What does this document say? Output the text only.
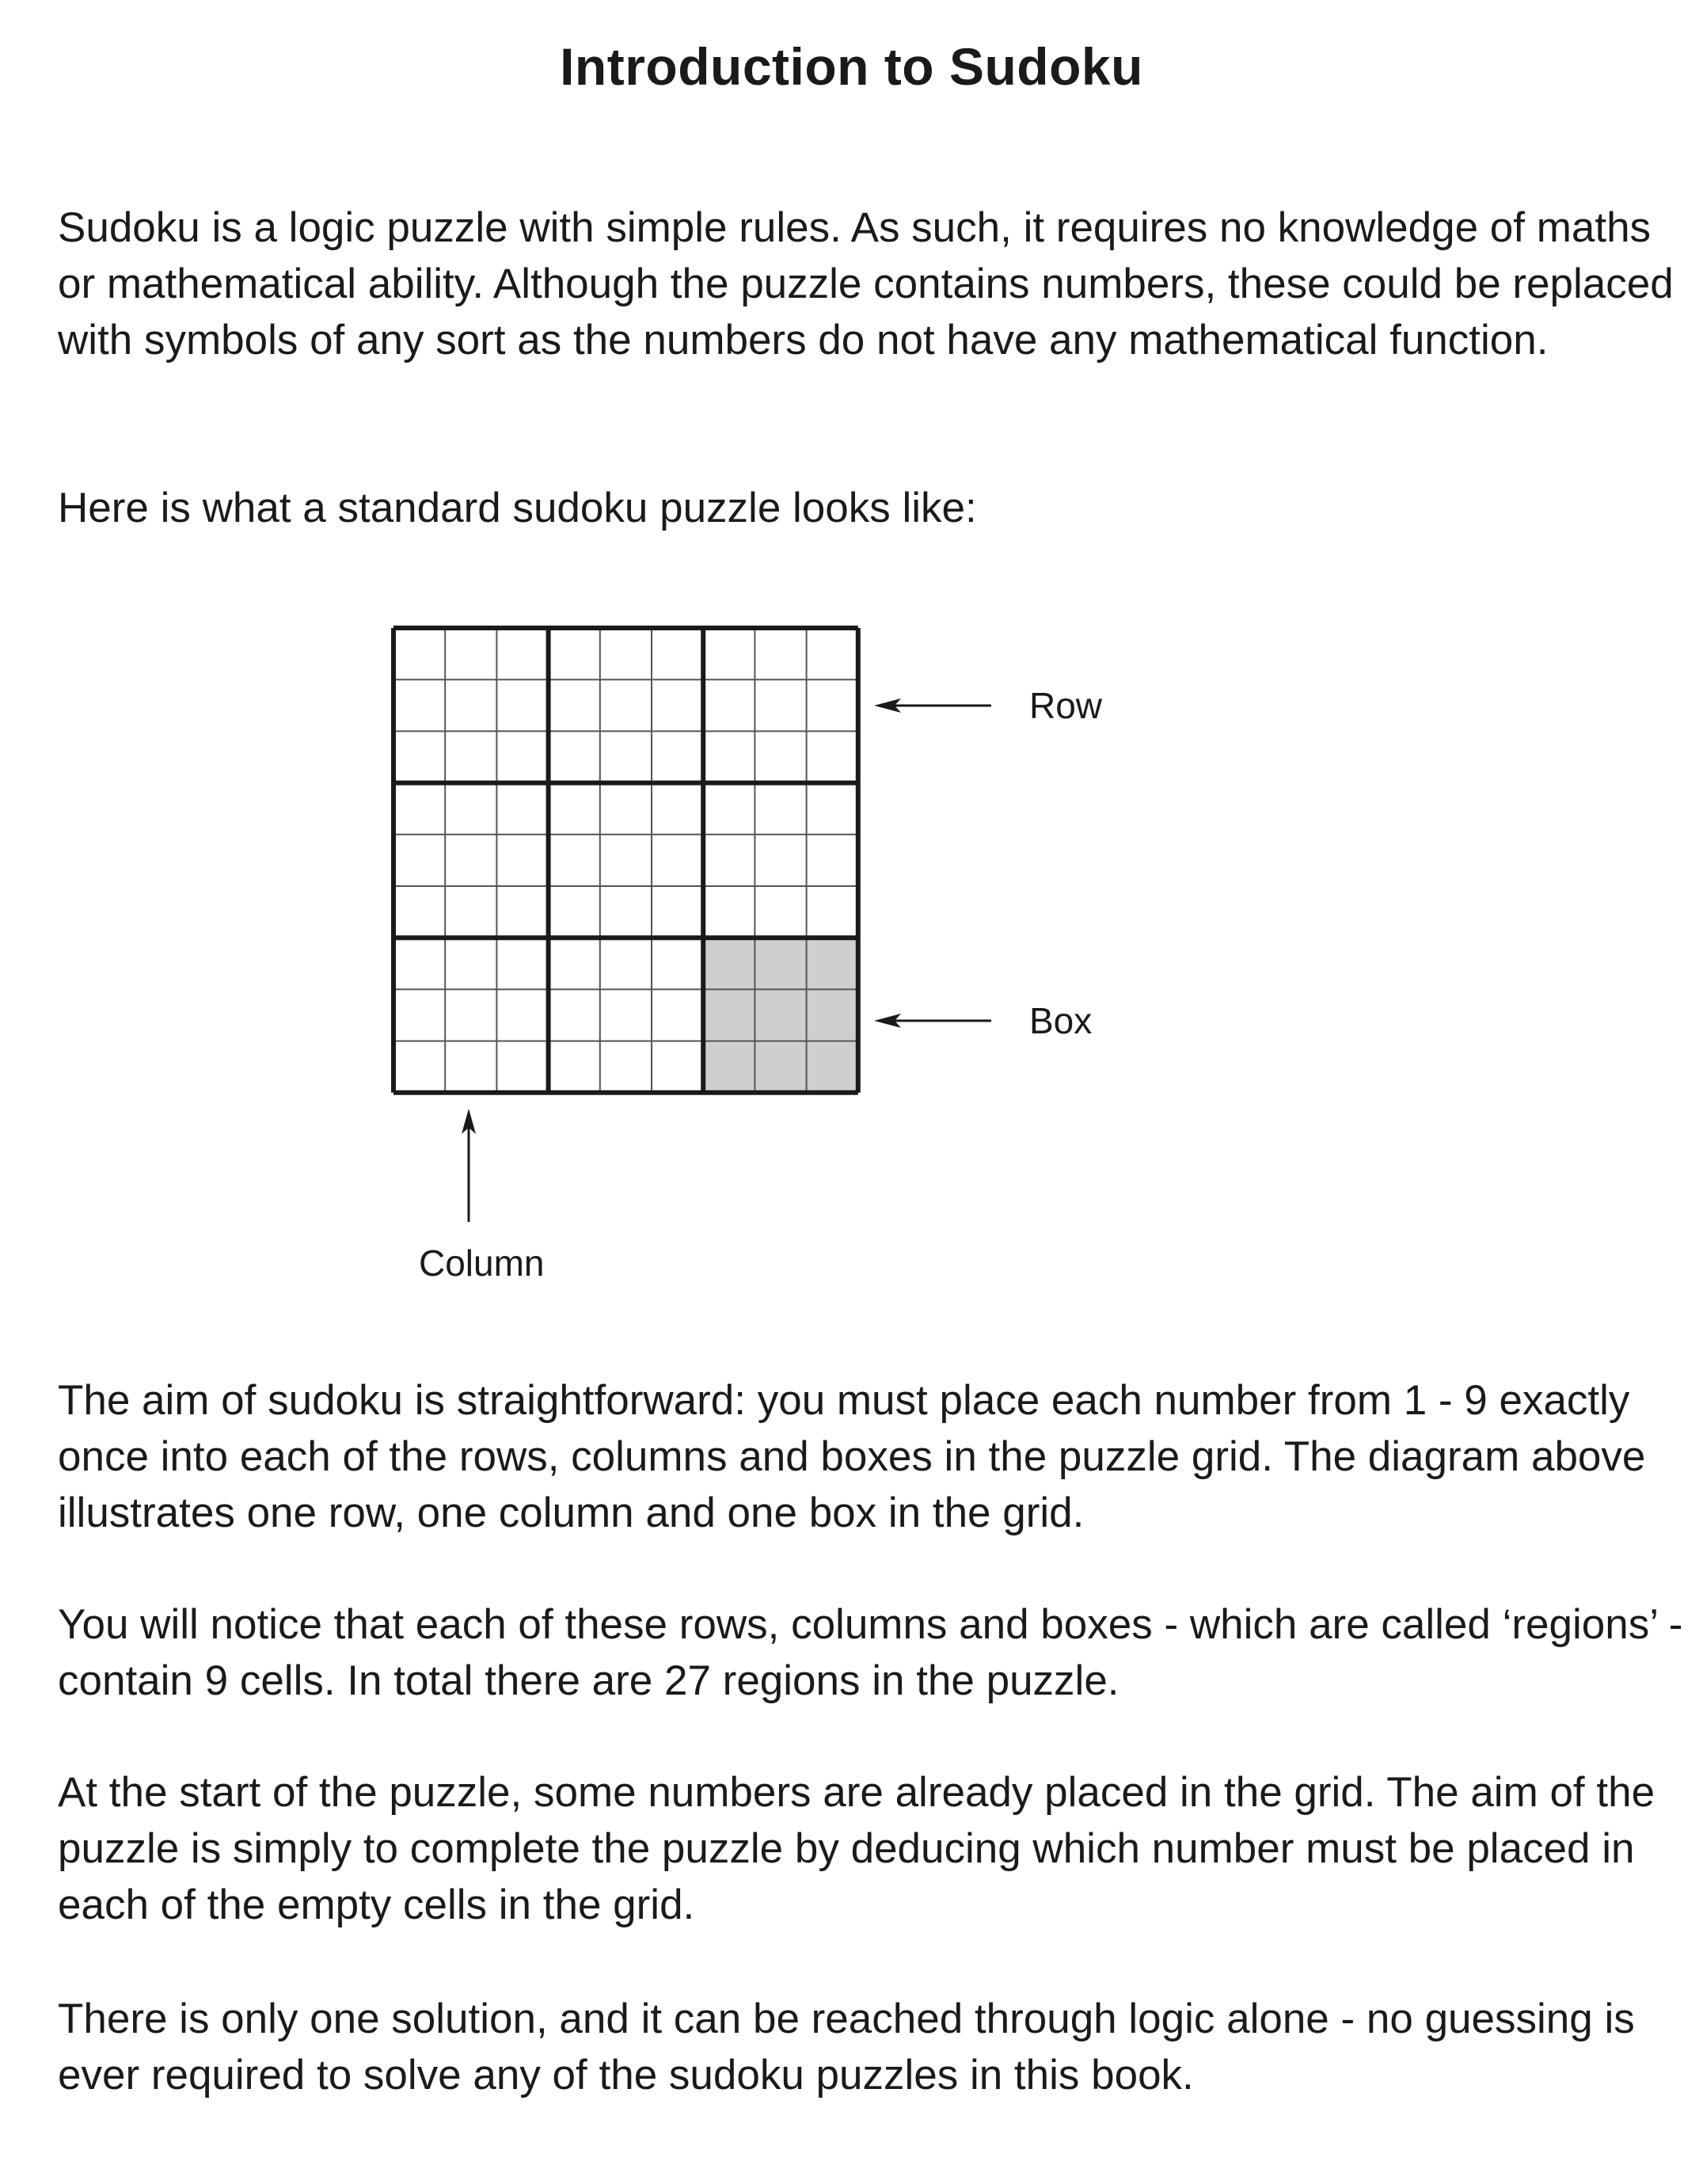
Introduction to Sudoku

Sudoku is a logic puzzle with simple rules. As such, it requires no knowledge of maths or mathematical ability. Although the puzzle contains numbers, these could be replaced with symbols of any sort as the numbers do not have any mathematical function.

Here is what a standard sudoku puzzle looks like:

Row
Box
Column

The aim of sudoku is straightforward: you must place each number from 1 - 9 exactly once into each of the rows, columns and boxes in the puzzle grid. The diagram above illustrates one row, one column and one box in the grid.

You will notice that each of these rows, columns and boxes - which are called ‘regions’ - contain 9 cells. In total there are 27 regions in the puzzle.

At the start of the puzzle, some numbers are already placed in the grid. The aim of the puzzle is simply to complete the puzzle by deducing which number must be placed in each of the empty cells in the grid.

There is only one solution, and it can be reached through logic alone - no guessing is ever required to solve any of the sudoku puzzles in this book.
